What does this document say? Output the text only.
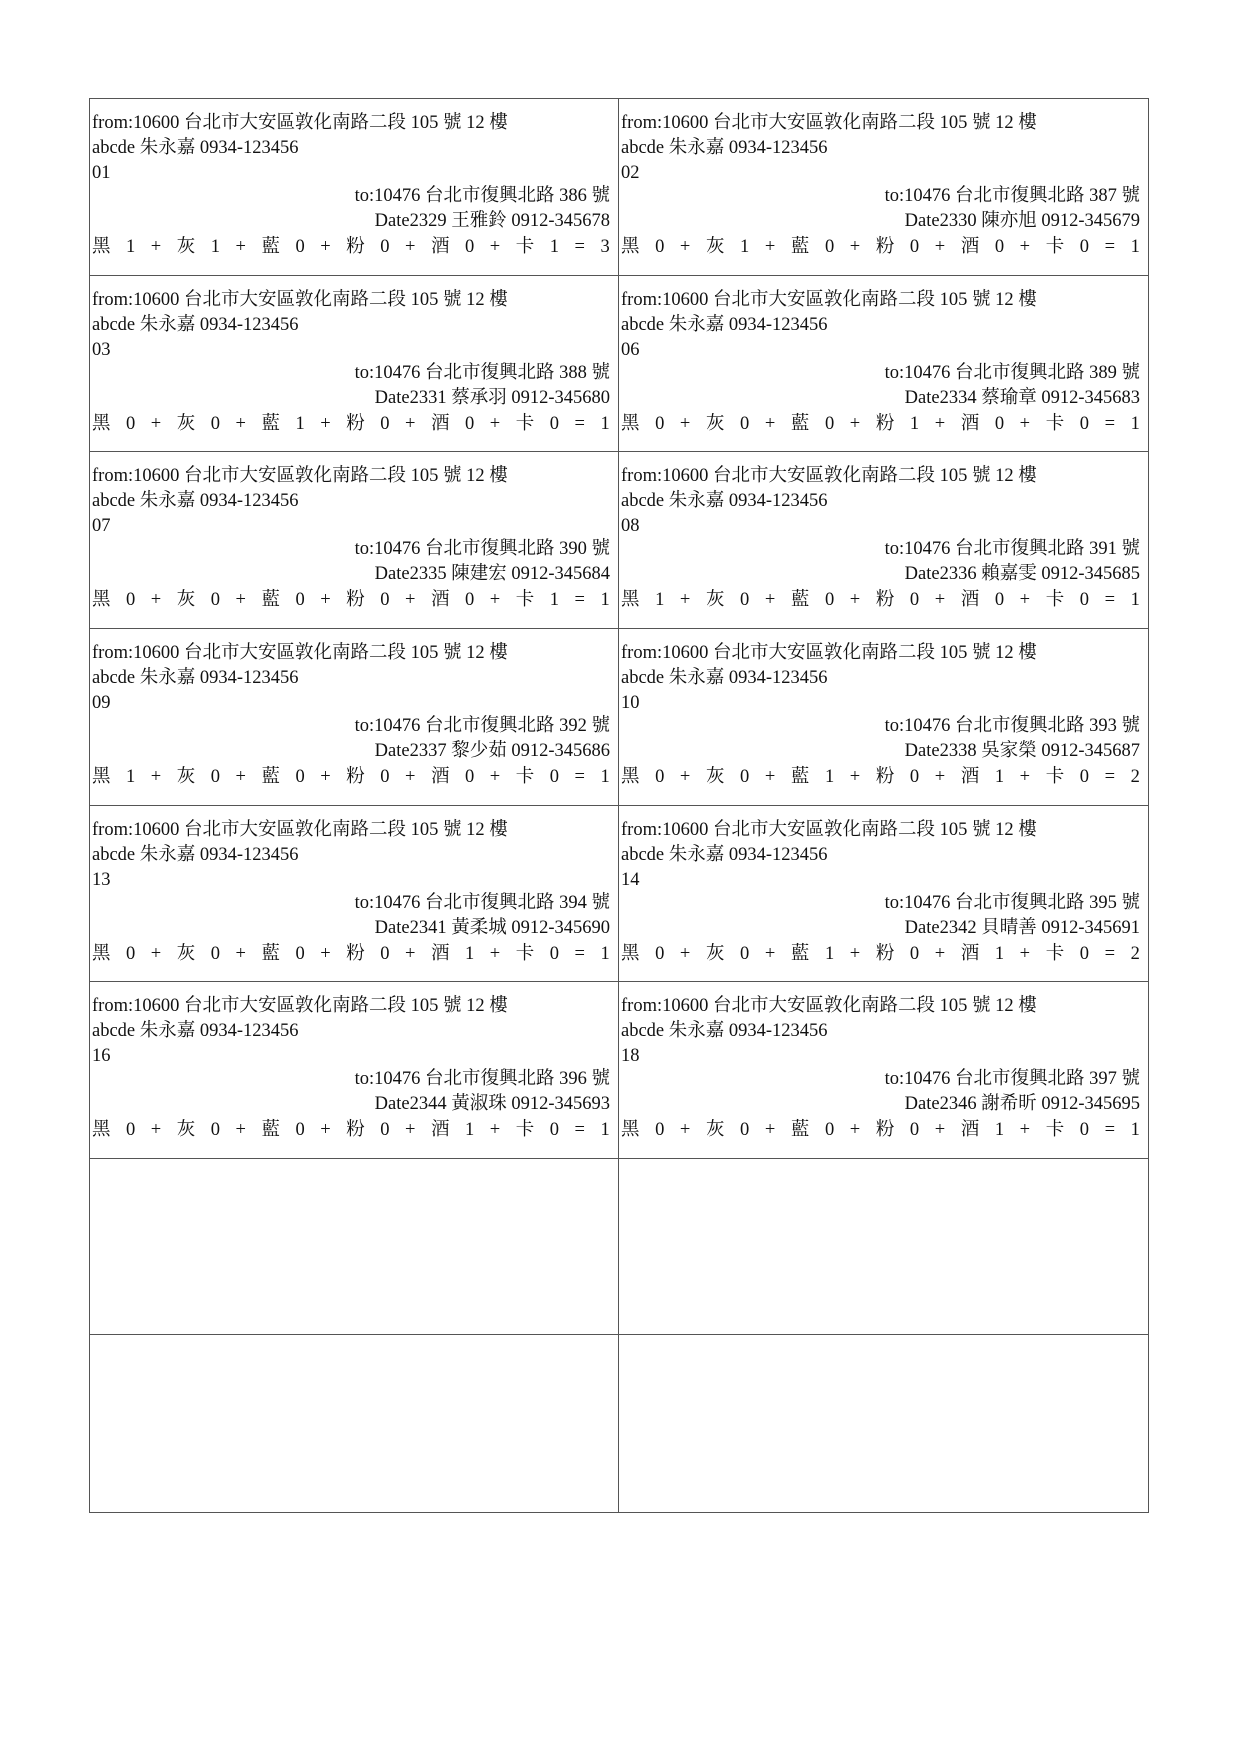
from:10600 台北市大安區敦化南路二段 105 號 12 樓
abcde 朱永嘉 0934-123456
01
to:10476 台北市復興北路 386 號
Date2329 王雅鈴 0912-345678
黑 1 + 灰 1 + 藍 0 + 粉 0 + 酒 0 + 卡 1 = 3
from:10600 台北市大安區敦化南路二段 105 號 12 樓
abcde 朱永嘉 0934-123456
02
to:10476 台北市復興北路 387 號
Date2330 陳亦旭 0912-345679
黑 0 + 灰 1 + 藍 0 + 粉 0 + 酒 0 + 卡 0 = 1
from:10600 台北市大安區敦化南路二段 105 號 12 樓
abcde 朱永嘉 0934-123456
03
to:10476 台北市復興北路 388 號
Date2331 蔡承羽 0912-345680
黑 0 + 灰 0 + 藍 1 + 粉 0 + 酒 0 + 卡 0 = 1
from:10600 台北市大安區敦化南路二段 105 號 12 樓
abcde 朱永嘉 0934-123456
06
to:10476 台北市復興北路 389 號
Date2334 蔡瑜章 0912-345683
黑 0 + 灰 0 + 藍 0 + 粉 1 + 酒 0 + 卡 0 = 1
from:10600 台北市大安區敦化南路二段 105 號 12 樓
abcde 朱永嘉 0934-123456
07
to:10476 台北市復興北路 390 號
Date2335 陳建宏 0912-345684
黑 0 + 灰 0 + 藍 0 + 粉 0 + 酒 0 + 卡 1 = 1
from:10600 台北市大安區敦化南路二段 105 號 12 樓
abcde 朱永嘉 0934-123456
08
to:10476 台北市復興北路 391 號
Date2336 賴嘉雯 0912-345685
黑 1 + 灰 0 + 藍 0 + 粉 0 + 酒 0 + 卡 0 = 1
from:10600 台北市大安區敦化南路二段 105 號 12 樓
abcde 朱永嘉 0934-123456
09
to:10476 台北市復興北路 392 號
Date2337 黎少茹 0912-345686
黑 1 + 灰 0 + 藍 0 + 粉 0 + 酒 0 + 卡 0 = 1
from:10600 台北市大安區敦化南路二段 105 號 12 樓
abcde 朱永嘉 0934-123456
10
to:10476 台北市復興北路 393 號
Date2338 吳家榮 0912-345687
黑 0 + 灰 0 + 藍 1 + 粉 0 + 酒 1 + 卡 0 = 2
from:10600 台北市大安區敦化南路二段 105 號 12 樓
abcde 朱永嘉 0934-123456
13
to:10476 台北市復興北路 394 號
Date2341 黃柔城 0912-345690
黑 0 + 灰 0 + 藍 0 + 粉 0 + 酒 1 + 卡 0 = 1
from:10600 台北市大安區敦化南路二段 105 號 12 樓
abcde 朱永嘉 0934-123456
14
to:10476 台北市復興北路 395 號
Date2342 貝晴善 0912-345691
黑 0 + 灰 0 + 藍 1 + 粉 0 + 酒 1 + 卡 0 = 2
from:10600 台北市大安區敦化南路二段 105 號 12 樓
abcde 朱永嘉 0934-123456
16
to:10476 台北市復興北路 396 號
Date2344 黃淑珠 0912-345693
黑 0 + 灰 0 + 藍 0 + 粉 0 + 酒 1 + 卡 0 = 1
from:10600 台北市大安區敦化南路二段 105 號 12 樓
abcde 朱永嘉 0934-123456
18
to:10476 台北市復興北路 397 號
Date2346 謝希昕 0912-345695
黑 0 + 灰 0 + 藍 0 + 粉 0 + 酒 1 + 卡 0 = 1
